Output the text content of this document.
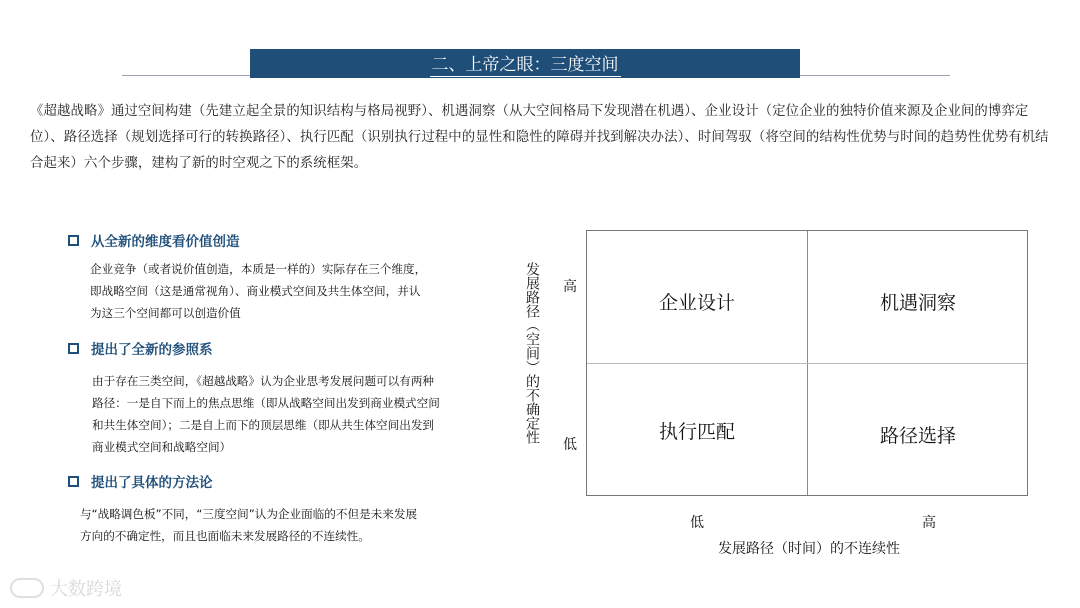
二、上帝之眼：三度空间

《超越战略》通过空间构建（先建立起全景的知识结构与格局视野）、机遇洞察（从大空间格局下发现潜在机遇）、企业设计（定位企业的独特价值来源及企业间的博弈定位）、路径选择（规划选择可行的转换路径）、执行匹配（识别执行过程中的显性和隐性的障碍并找到解决办法）、时间驾驭（将空间的结构性优势与时间的趋势性优势有机结合起来）六个步骤，建构了新的时空观之下的系统框架。

从全新的维度看价值创造

企业竞争（或者说价值创造，本质是一样的）实际存在三个维度，即战略空间（这是通常视角）、商业模式空间及共生体空间，并认为这三个空间都可以创造价值

提出了全新的参照系

由于存在三类空间，《超越战略》认为企业思考发展问题可以有两种路径：一是自下而上的焦点思维（即从战略空间出发到商业模式空间和共生体空间）；二是自上而下的顶层思维（即从共生体空间出发到商业模式空间和战略空间）

提出了具体的方法论

与“战略调色板”不同，“三度空间”认为企业面临的不但是未来发展方向的不确定性，而且也面临未来发展路径的不连续性。

发展路径（空间）的不确定性 高
低
企业设计	机遇洞察
执行匹配	路径选择
低	高
发展路径（时间）的不连续性
大数跨境
